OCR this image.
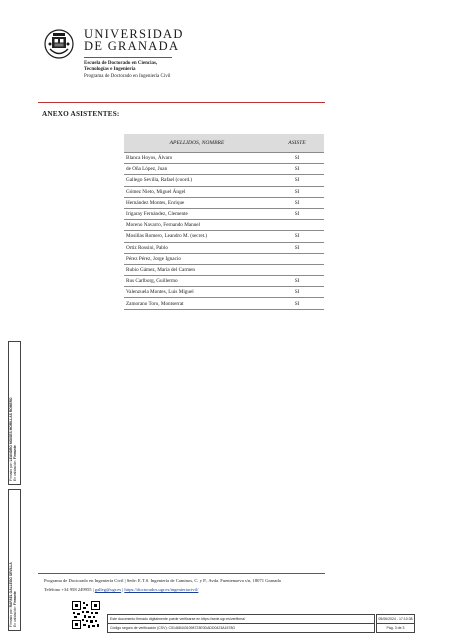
UNIVERSIDAD
DE GRANADA
Escuela de Doctorado en Ciencias,
Tecnologías e Ingeniería
Programa de Doctorado en Ingeniería Civil
ANEXO ASISTENTES:
APELLIDOS, NOMBRE	ASISTE
Blanca Hoyos, Álvaro	SI
de Oña López, Juan	SI
Gallego Sevilla, Rafael (coord.)	SI
Gómez Nieto, Miguel Ángel	SI
Hernández Montes, Enrique	SI
Irigaray Fernández, Clemente	SI
Moreno Navarro, Fernando Manuel	
Mosillas Romero, Leandro M. (secret.)	SI
Ortiz Rossini, Pablo	SI
Pérez Pérez, Jorge Ignacio	
Rubio Gámez, María del Carmen	
Rus Carlborg, Guillermo	SI
Valenzuela Montes, Luis Miguel	SI
Zamorano Toro, Montserrat	SI
Firmado por: LEANDRO MOISES MORILLAS ROMERO
En calidad de: Firmante
Firmado por: RAFAEL GALLEGO SEVILLA
En calidad de: Firmante
Programa de Doctorado en Ingeniería Civil | Sede: E.T.S. Ingeniería de Caminos, C. y P., Avda. Fuentenueva s/n, 18071 Granada
Teléfono +34 958 249955 | galleg@ugr.es | https://doctorados.ugr.es/ingenieriacivil/
Este documento firmado digitalmente puede verificarse en https://sede.ugr.es/verifirma/
Código seguro de verificación (CSV): C514684431098723E0DADD0423A1578G
05/06/2024 - 17:10:38
Pág. 3 de 3
